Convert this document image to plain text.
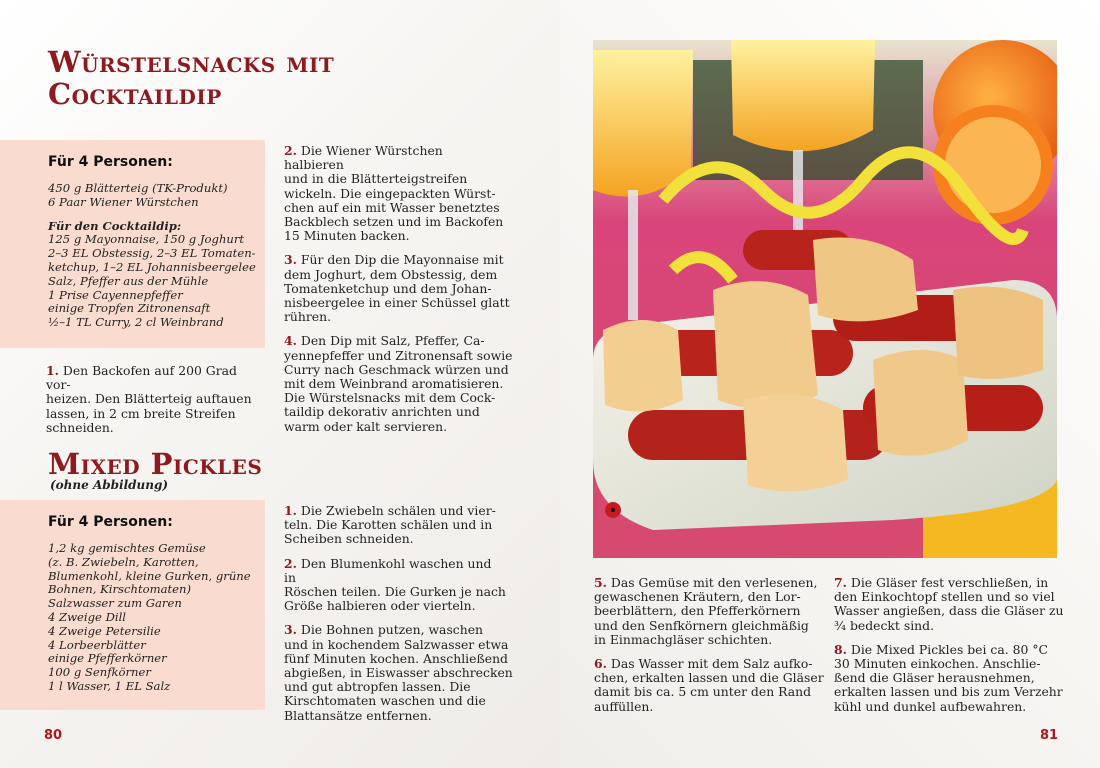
Würstelsnacks mit
Cocktaildip
Für 4 Personen:
450 g Blätterteig (TK-Produkt)
6 Paar Wiener Würstchen
Für den Cocktaildip:
125 g Mayonnaise, 150 g Joghurt
2–3 EL Obstessig, 2–3 EL Tomaten-
ketchup, 1–2 EL Johannisbeergelee
Salz, Pfeffer aus der Mühle
1 Prise Cayennepfeffer
einige Tropfen Zitronensaft
½–1 TL Curry, 2 cl Weinbrand

1. Den Backofen auf 200 Grad vor-
heizen. Den Blätterteig auftauen
lassen, in 2 cm breite Streifen
schneiden.

2. Die Wiener Würstchen halbieren
und in die Blätterteigstreifen
wickeln. Die eingepackten Würst-
chen auf ein mit Wasser benetztes
Backblech setzen und im Backofen
15 Minuten backen.

3. Für den Dip die Mayonnaise mit
dem Joghurt, dem Obstessig, dem
Tomatenketchup und dem Johan-
nisbeergelee in einer Schüssel glatt
rühren.

4. Den Dip mit Salz, Pfeffer, Ca-
yennepfeffer und Zitronensaft sowie
Curry nach Geschmack würzen und
mit dem Weinbrand aromatisieren.
Die Würstelsnacks mit dem Cock-
taildip dekorativ anrichten und
warm oder kalt servieren.

Mixed Pickles
(ohne Abbildung)
Für 4 Personen:
1,2 kg gemischtes Gemüse
(z. B. Zwiebeln, Karotten,
Blumenkohl, kleine Gurken, grüne
Bohnen, Kirschtomaten)
Salzwasser zum Garen
4 Zweige Dill
4 Zweige Petersilie
4 Lorbeerblätter
einige Pfefferkörner
100 g Senfkörner
1 l Wasser, 1 EL Salz

1. Die Zwiebeln schälen und vier-
teln. Die Karotten schälen und in
Scheiben schneiden.

2. Den Blumenkohl waschen und in
Röschen teilen. Die Gurken je nach
Größe halbieren oder vierteln.

3. Die Bohnen putzen, waschen
und in kochendem Salzwasser etwa
fünf Minuten kochen. Anschließend
abgießen, in Eiswasser abschrecken
und gut abtropfen lassen. Die
Kirschtomaten waschen und die
Blattansätze entfernen.

5. Das Gemüse mit den verlesenen,
gewaschenen Kräutern, den Lor-
beerblättern, den Pfefferkörnern
und den Senfkörnern gleichmäßig
in Einmachgläser schichten.

6. Das Wasser mit dem Salz aufko-
chen, erkalten lassen und die Gläser
damit bis ca. 5 cm unter den Rand
auffüllen.

7. Die Gläser fest verschließen, in
den Einkochtopf stellen und so viel
Wasser angießen, dass die Gläser zu
¾ bedeckt sind.

8. Die Mixed Pickles bei ca. 80 °C
30 Minuten einkochen. Anschlie-
ßend die Gläser herausnehmen,
erkalten lassen und bis zum Verzehr
kühl und dunkel aufbewahren.

80	81
